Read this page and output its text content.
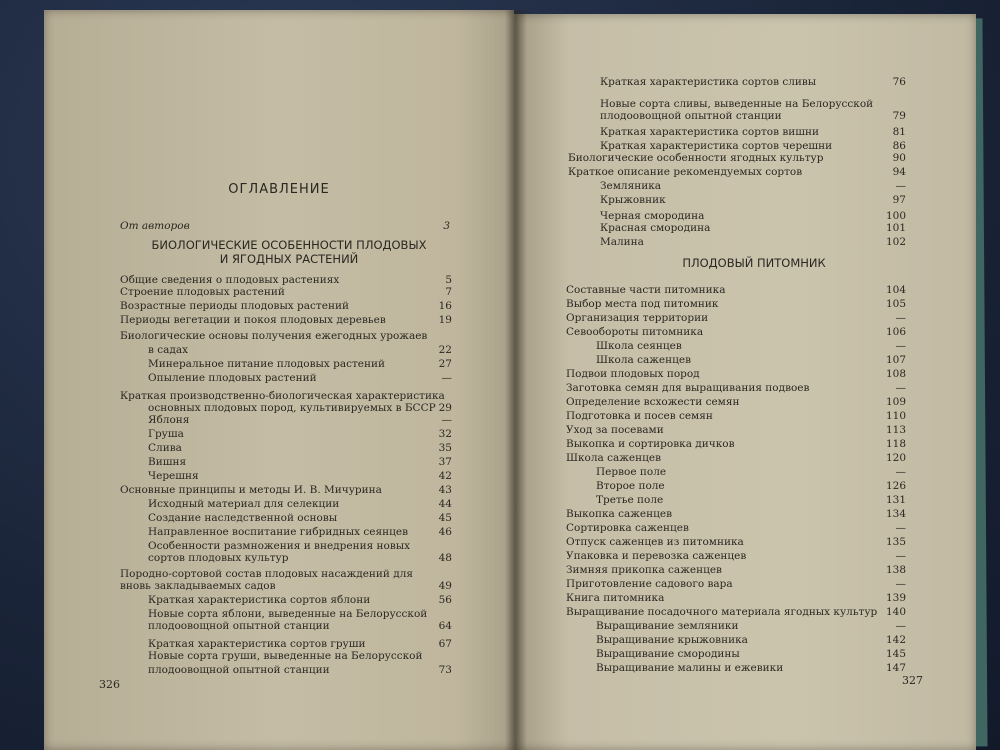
ОГЛАВЛЕНИЕ
От авторов	3
БИОЛОГИЧЕСКИЕ ОСОБЕННОСТИ ПЛОДОВЫХ
И ЯГОДНЫХ РАСТЕНИЙ
Общие сведения о плодовых растениях	5
Строение плодовых растений	7
Возрастные периоды плодовых растений	16
Периоды вегетации и покоя плодовых деревьев	19
Биологические основы получения ежегодных урожаев
в садах	22
Минеральное питание плодовых растений	27
Опыление плодовых растений	—
Краткая производственно-биологическая характеристика
основных плодовых пород, культивируемых в БССР 29
Яблоня	—
Груша	32
Слива	35
Вишня	37
Черешня	42
Основные принципы и методы И. В. Мичурина	43
Исходный материал для селекции	44
Создание наследственной основы	45
Направленное воспитание гибридных сеянцев	46
Особенности размножения и внедрения новых
сортов плодовых культур	48
Породно-сортовой состав плодовых насаждений для
вновь закладываемых садов	49
Краткая характеристика сортов яблони	56
Новые сорта яблони, выведенные на Белорусской
плодоовощной опытной станции	64
Краткая характеристика сортов груши	67
Новые сорта груши, выведенные на Белорусской
плодоовощной опытной станции	73
326
Краткая характеристика сортов сливы	76
Новые сорта сливы, выведенные на Белорусской
плодоовощной опытной станции	79
Краткая характеристика сортов вишни	81
Краткая характеристика сортов черешни	86
Биологические особенности ягодных культур	90
Краткое описание рекомендуемых сортов	94
Земляника	—
Крыжовник	97
Черная смородина	100
Красная смородина	101
Малина	102
ПЛОДОВЫЙ ПИТОМНИК
Составные части питомника	104
Выбор места под питомник	105
Организация территории	—
Севообороты питомника	106
Школа сеянцев	—
Школа саженцев	107
Подвои плодовых пород	108
Заготовка семян для выращивания подвоев	—
Определение всхожести семян	109
Подготовка и посев семян	110
Уход за посевами	113
Выкопка и сортировка дичков	118
Школа саженцев	120
Первое поле	—
Второе поле	126
Третье поле	131
Выкопка саженцев	134
Сортировка саженцев	—
Отпуск саженцев из питомника	135
Упаковка и перевозка саженцев	—
Зимняя прикопка саженцев	138
Приготовление садового вара	—
Книга питомника	139
Выращивание посадочного материала ягодных культур 140
Выращивание земляники	—
Выращивание крыжовника	142
Выращивание смородины	145
Выращивание малины и ежевики	147
327
